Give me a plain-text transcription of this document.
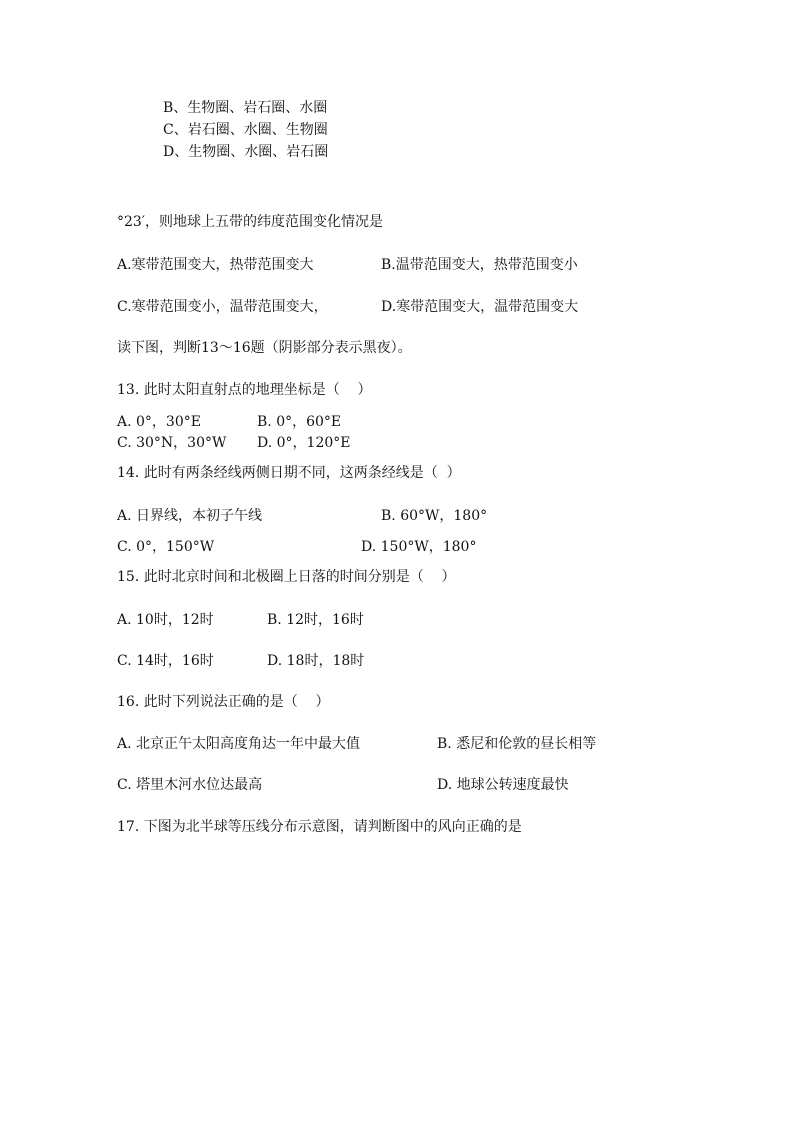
B、生物圈、岩石圈、水圈
C、岩石圈、水圈、生物圈
D、生物圈、水圈、岩石圈
°23′，则地球上五带的纬度范围变化情况是
A.寒带范围变大，热带范围变大	B.温带范围变大，热带范围变小
C.寒带范围变小，温带范围变大，	D.寒带范围变大，温带范围变大
读下图，判断13～16题（阴影部分表示黑夜）。
13. 此时太阳直射点的地理坐标是（    ）
A. 0°，30°E	B. 0°，60°E
C. 30°N，30°W D. 0°，120°E
14. 此时有两条经线两侧日期不同，这两条经线是（  ）
A. 日界线，本初子午线	B. 60°W，180°
C. 0°，150°W	D. 150°W，180°
15. 此时北京时间和北极圈上日落的时间分别是（    ）
A. 10时，12时	B. 12时，16时
C. 14时，16时	D. 18时，18时
16. 此时下列说法正确的是（    ）
A. 北京正午太阳高度角达一年中最大值	B. 悉尼和伦敦的昼长相等
C. 塔里木河水位达最高	D. 地球公转速度最快
17. 下图为北半球等压线分布示意图，请判断图中的风向正确的是
